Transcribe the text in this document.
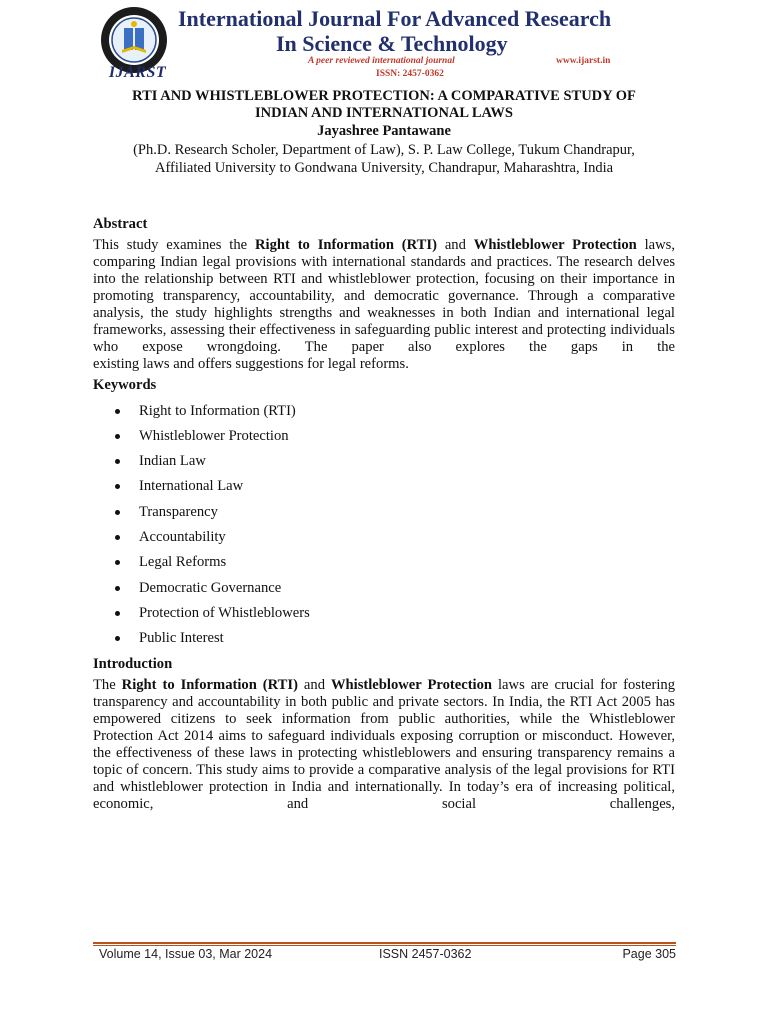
IJARST
International Journal For Advanced Research
In Science & Technology
A peer reviewed international journal	www.ijarst.in
ISSN: 2457-0362

RTI AND WHISTLEBLOWER PROTECTION: A COMPARATIVE STUDY OF

INDIAN AND INTERNATIONAL LAWS

Jayashree Pantawane

(Ph.D. Research Scholer, Department of Law), S. P. Law College, Tukum Chandrapur,

Affiliated University to Gondwana University, Chandrapur, Maharashtra, India

Abstract

This study examines the Right to Information (RTI) and Whistleblower Protection laws, comparing Indian legal provisions with international standards and practices. The research delves into the relationship between RTI and whistleblower protection, focusing on their importance in promoting transparency, accountability, and democratic governance. Through a comparative analysis, the study highlights strengths and weaknesses in both Indian and international legal frameworks, assessing their effectiveness in safeguarding public interest and protecting individuals who expose wrongdoing. The paper also explores the gaps in the
existing laws and offers suggestions for legal reforms.

Keywords

Right to Information (RTI)
Whistleblower Protection
Indian Law
International Law
Transparency
Accountability
Legal Reforms
Democratic Governance
Protection of Whistleblowers
Public Interest

Introduction

The Right to Information (RTI) and Whistleblower Protection laws are crucial for fostering transparency and accountability in both public and private sectors. In India, the RTI Act 2005 has empowered citizens to seek information from public authorities, while the Whistleblower Protection Act 2014 aims to safeguard individuals exposing corruption or misconduct. However, the effectiveness of these laws in protecting whistleblowers and ensuring transparency remains a topic of concern. This study aims to provide a comparative analysis of the legal provisions for RTI and whistleblower protection in India and internationally. In today’s era of increasing political, economic, and social challenges,
Volume 14, Issue 03, Mar 2024	ISSN 2457-0362	Page 305
